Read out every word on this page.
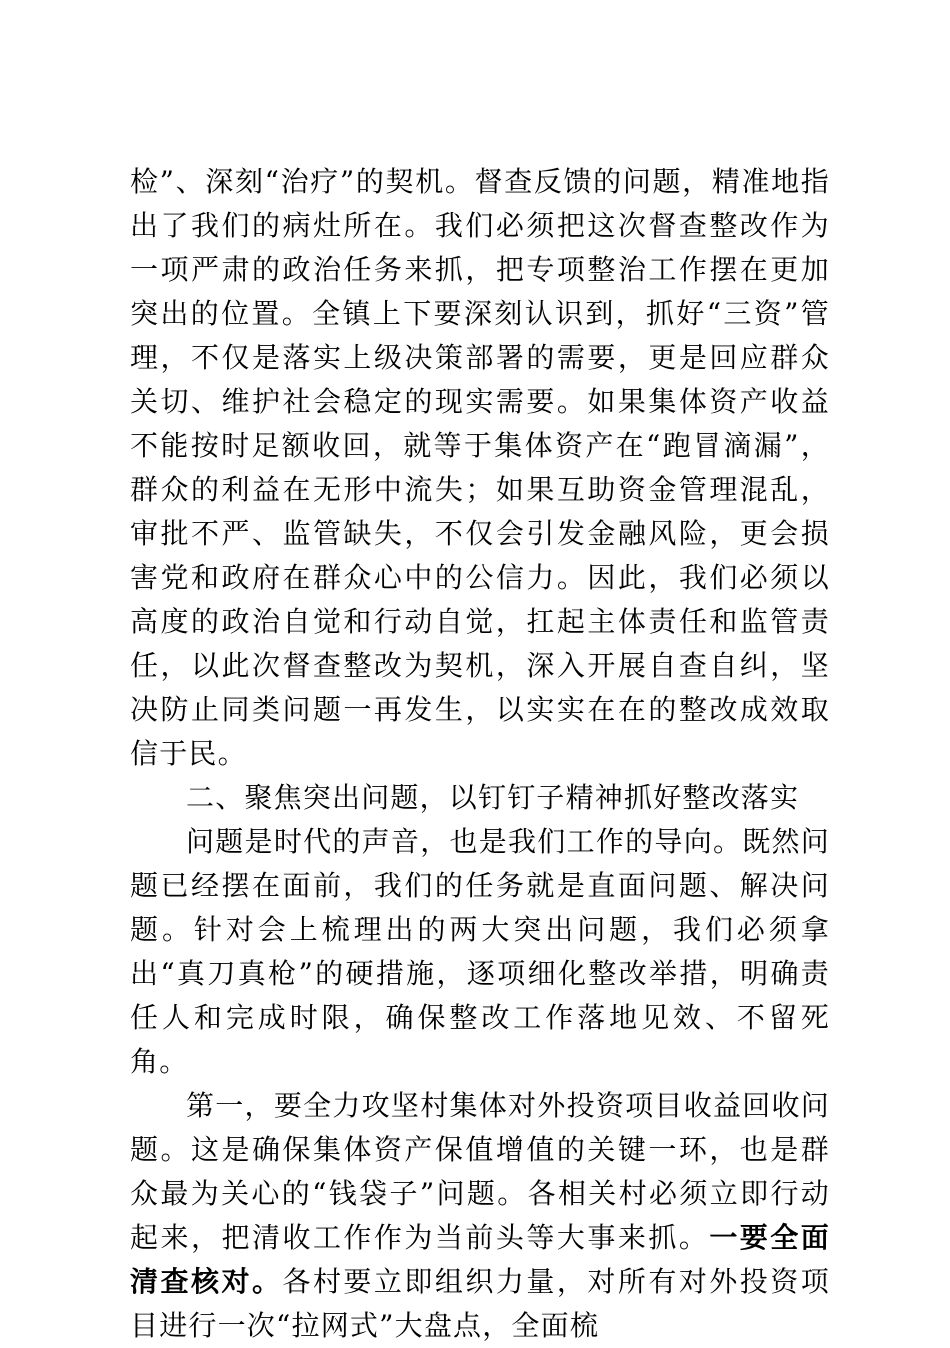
检”、深刻“治疗”的契机。督查反馈的问题，精准地指出了我们的病灶所在。我们必须把这次督查整改作为一项严肃的政治任务来抓，把专项整治工作摆在更加突出的位置。全镇上下要深刻认识到，抓好“三资”管理，不仅是落实上级决策部署的需要，更是回应群众关切、维护社会稳定的现实需要。如果集体资产收益不能按时足额收回，就等于集体资产在“跑冒滴漏”，群众的利益在无形中流失；如果互助资金管理混乱，审批不严、监管缺失，不仅会引发金融风险，更会损害党和政府在群众心中的公信力。因此，我们必须以高度的政治自觉和行动自觉，扛起主体责任和监管责任，以此次督查整改为契机，深入开展自查自纠，坚决防止同类问题一再发生，以实实在在的整改成效取信于民。

二、聚焦突出问题，以钉钉子精神抓好整改落实

问题是时代的声音，也是我们工作的导向。既然问题已经摆在面前，我们的任务就是直面问题、解决问题。针对会上梳理出的两大突出问题，我们必须拿出“真刀真枪”的硬措施，逐项细化整改举措，明确责任人和完成时限，确保整改工作落地见效、不留死角。

第一，要全力攻坚村集体对外投资项目收益回收问题。这是确保集体资产保值增值的关键一环，也是群众最为关心的“钱袋子”问题。各相关村必须立即行动起来，把清收工作作为当前头等大事来抓。一要全面清查核对。各村要立即组织力量，对所有对外投资项目进行一次“拉网式”大盘点，全面梳
